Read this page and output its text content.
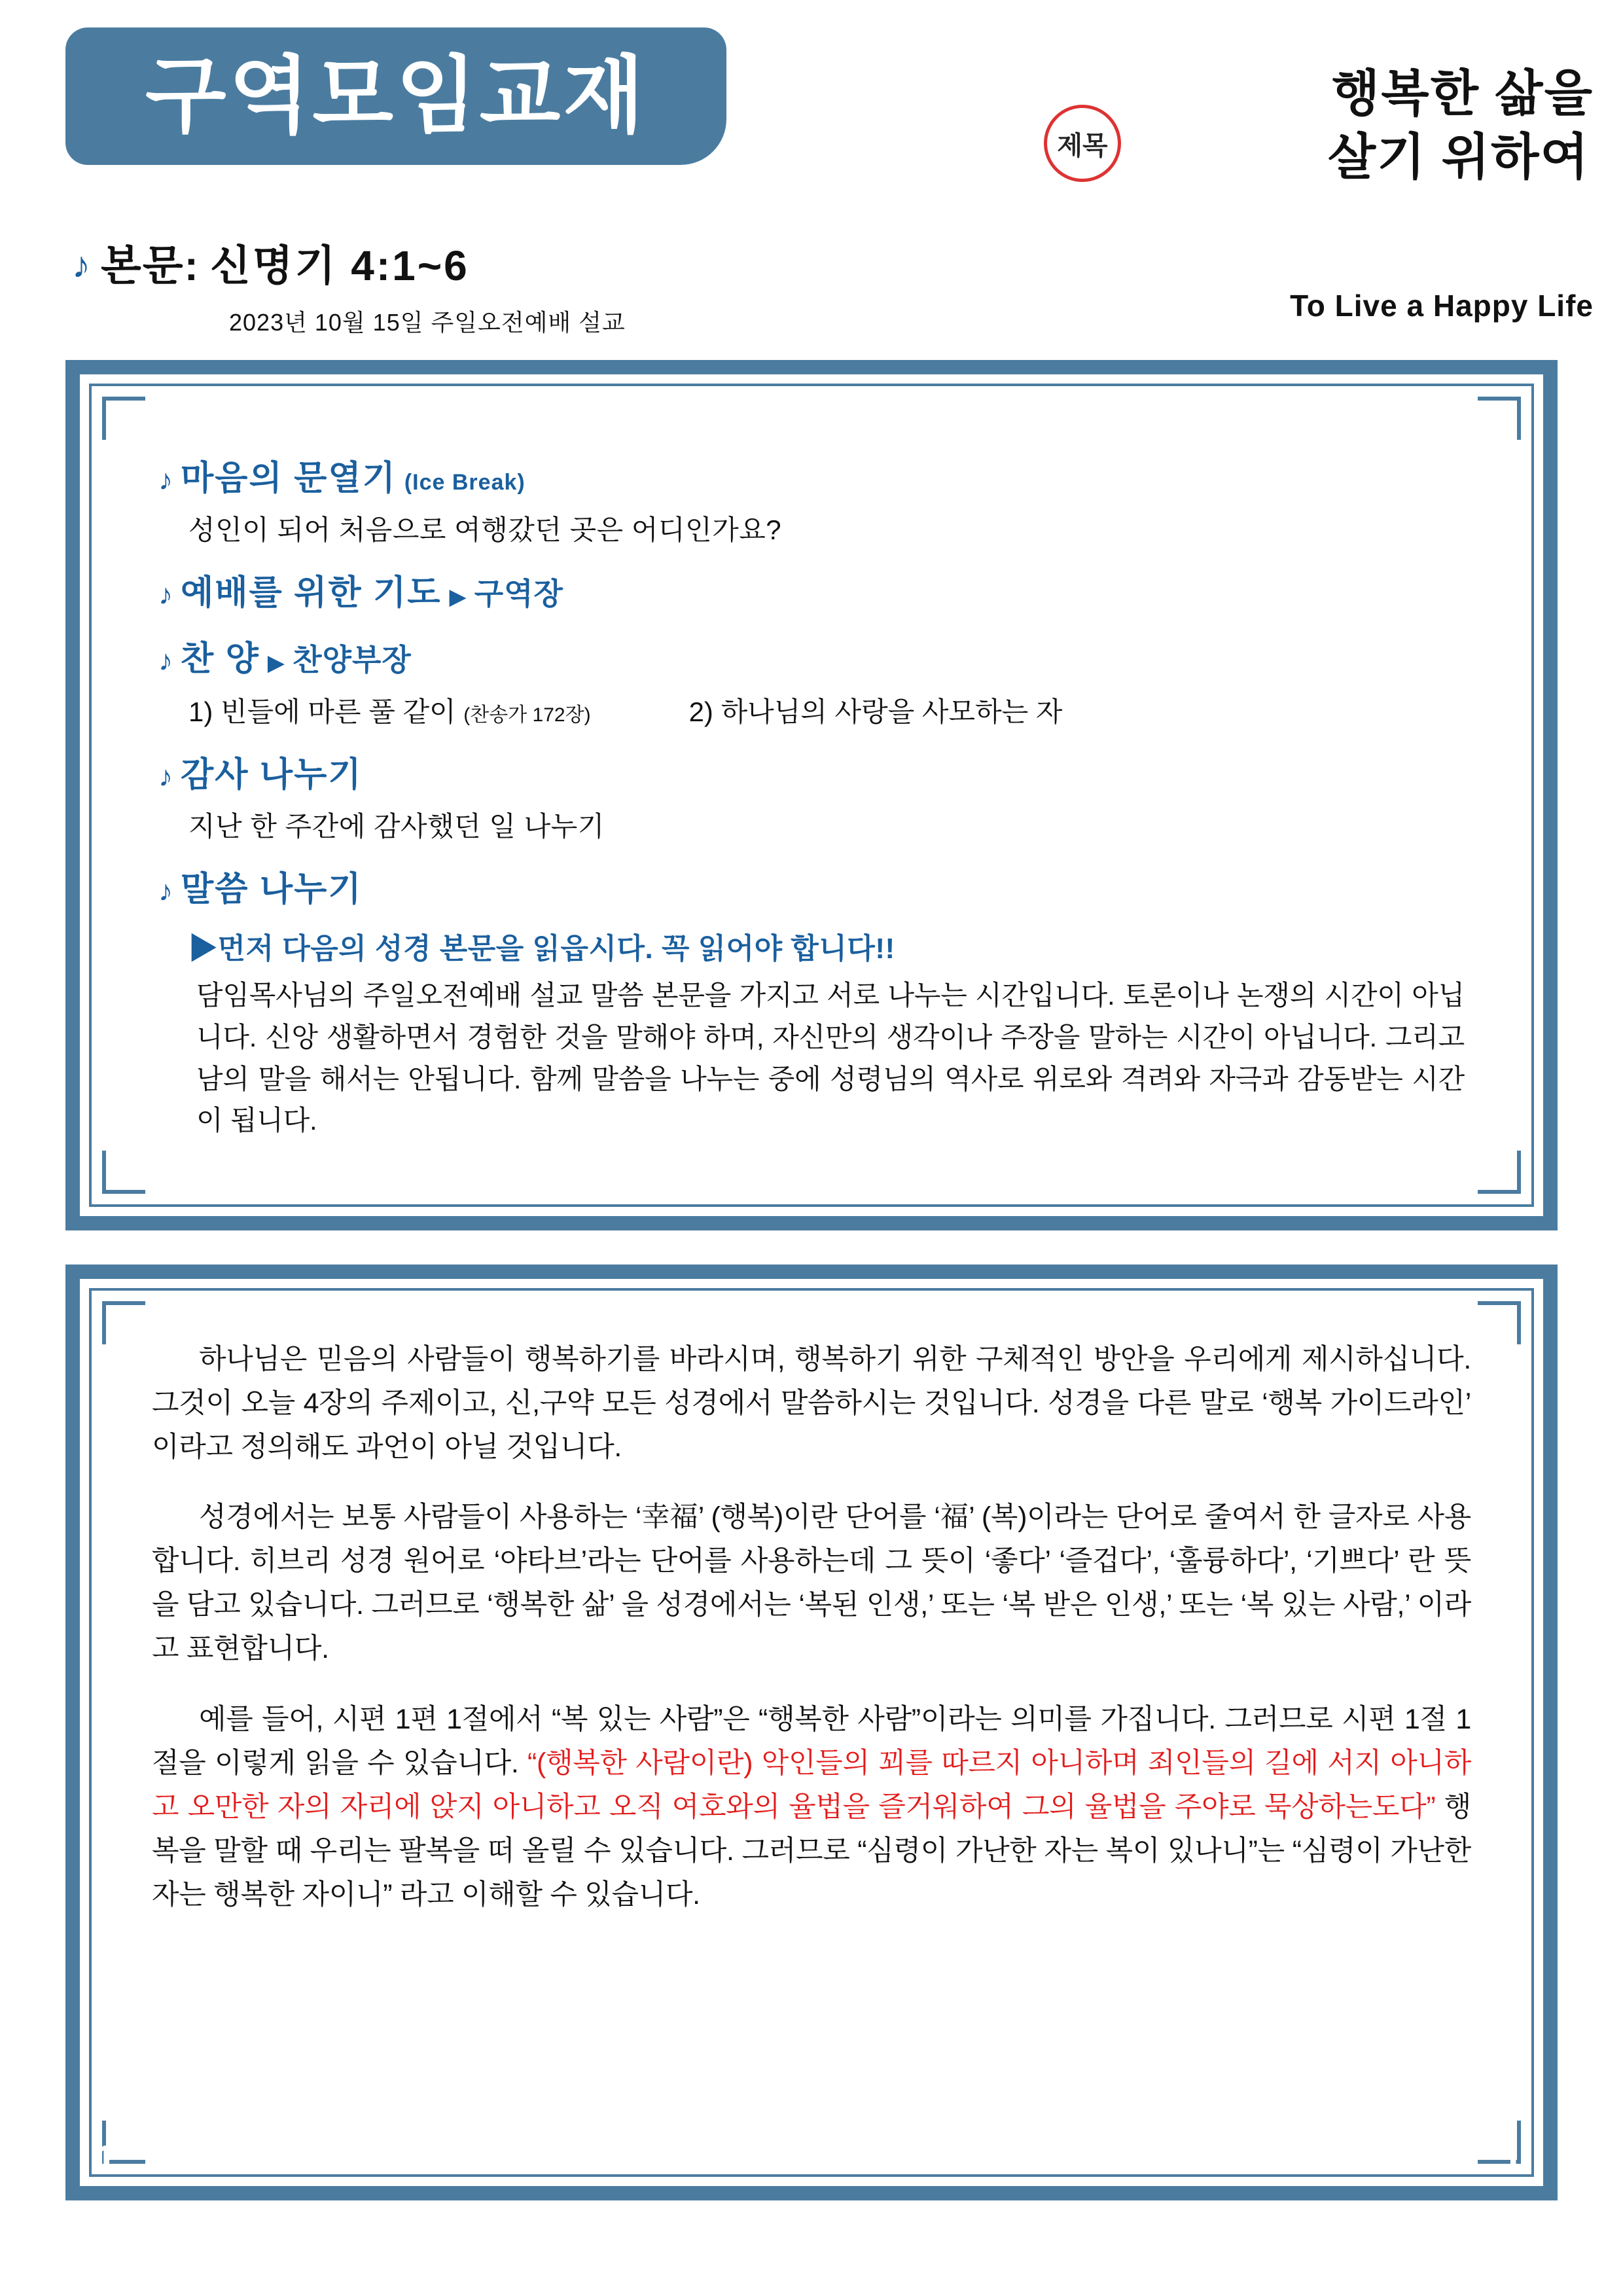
구역모임교재
제목
행복한 삶을
살기 위하여
To Live a Happy Life
♪ 본문: 신명기 4:1~6
2023년 10월 15일 주일오전예배 설교
♪ 마음의 문열기 (Ice Break)
성인이 되어 처음으로 여행갔던 곳은 어디인가요?
♪ 예배를 위한 기도 ▶ 구역장
♪ 찬 양 ▶ 찬양부장
1) 빈들에 마른 풀 같이 (찬송가 172장)	2) 하나님의 사랑을 사모하는 자
♪ 감사 나누기
지난 한 주간에 감사했던 일 나누기
♪ 말씀 나누기
▶먼저 다음의 성경 본문을 읽읍시다. 꼭 읽어야 합니다!!
담임목사님의 주일오전예배 설교 말씀 본문을 가지고 서로 나누는 시간입니다. 토론이나 논쟁의 시간이 아닙니다. 신앙 생활하면서 경험한 것을 말해야 하며, 자신만의 생각이나 주장을 말하는 시간이 아닙니다. 그리고 남의 말을 해서는 안됩니다. 함께 말씀을 나누는 중에 성령님의 역사로 위로와 격려와 자극과 감동받는 시간이 됩니다.
하나님은 믿음의 사람들이 행복하기를 바라시며, 행복하기 위한 구체적인 방안을 우리에게 제시하십니다. 그것이 오늘 4장의 주제이고, 신,구약 모든 성경에서 말씀하시는 것입니다. 성경을 다른 말로 ‘행복 가이드라인’ 이라고 정의해도 과언이 아닐 것입니다.
성경에서는 보통 사람들이 사용하는 ‘幸福’ (행복)이란 단어를 ‘福’ (복)이라는 단어로 줄여서 한 글자로 사용합니다. 히브리 성경 원어로 ‘야타브’라는 단어를 사용하는데 그 뜻이 ‘좋다’ ‘즐겁다’, ‘훌륭하다’, ‘기쁘다’ 란 뜻을 담고 있습니다. 그러므로 ‘행복한 삶’ 을 성경에서는 ‘복된 인생,’ 또는 ‘복 받은 인생,’ 또는 ‘복 있는 사람,’ 이라고 표현합니다.
예를 들어, 시편 1편 1절에서 “복 있는 사람”은 “행복한 사람”이라는 의미를 가집니다. 그러므로 시편 1절 1절을 이렇게 읽을 수 있습니다. “(행복한 사람이란) 악인들의 꾀를 따르지 아니하며 죄인들의 길에 서지 아니하고 오만한 자의 자리에 앉지 아니하고 오직 여호와의 율법을 즐거워하여 그의 율법을 주야로 묵상하는도다” 행복을 말할 때 우리는 팔복을 떠 올릴 수 있습니다. 그러므로 “심령이 가난한 자는 복이 있나니”는 “심령이 가난한 자는 행복한 자이니” 라고 이해할 수 있습니다.
1	1
